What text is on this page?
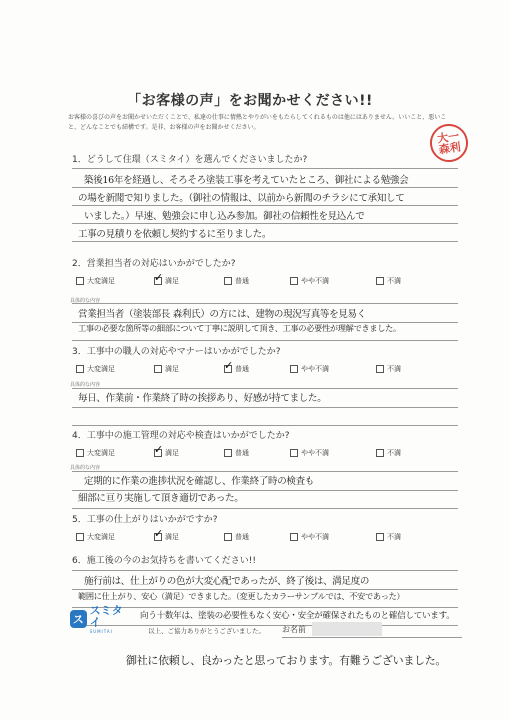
「お客様の声」をお聞かせください!!
お客様の喜びの声をお聞かせいただくことで、私達の仕事に情熱とやりがいをもたらしてくれるものは他にはありません。いいこと、悪いこと、どんなことでも結構です。是非、お客様の声をお聞かせください。
大一
森利
1．どうして住環（スミタイ）を選んでくださいましたか?
築後16年を経過し、そろそろ塗装工事を考えていたところ、御社による勉強会
の場を新聞で知りました。（御社の情報は、以前から新聞のチラシにて承知して
いました。）早速、勉強会に申し込み参加。御社の信頼性を見込んで
工事の見積りを依頼し契約するに至りました。
2．営業担当者の対応はいかがでしたか?
大変満足 ✓	満足	普通	やや不満	不満
具体的な内容
営業担当者（塗装部長 森利氏）の方には、建物の現況写真等を見易く
工事の必要な箇所等の細部について丁寧に説明して頂き、工事の必要性が理解できました。
3．工事中の職人の対応やマナーはいかがでしたか?
大変満足	満足 ✓	普通	やや不満	不満
具体的な内容
毎日、作業前・作業終了時の挨拶あり、好感が持てました。
4．工事中の施工管理の対応や検査はいかがでしたか?
大変満足 ✓	満足	普通	やや不満	不満
具体的な内容
定期的に作業の進捗状況を確認し、作業終了時の検査も
細部に亘り実施して頂き適切であった。
5．工事の仕上がりはいかがですか?
大変満足 ✓	満足	普通	やや不満	不満
6．施工後の今のお気持ちを書いてください!!
施行前は、仕上がりの色が大変心配であったが、終了後は、満足度の
範囲に仕上がり、安心（満足）できました。（変更したカラーサンプルでは、不安であった）
向う十数年は、塗装の必要性もなく安心・安全が確保されたものと確信しています。
ス
スミタイ
SUMITAI	以上、ご協力ありがとうございました。 お名前
御社に依頼し、良かったと思っております。有難うございました。
